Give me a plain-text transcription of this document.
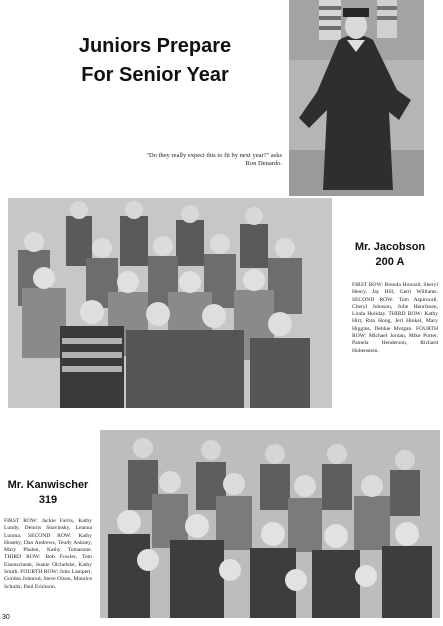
Juniors Prepare
For Senior Year
"Do they really expect this to fit by next year?" asks Ron Denardo.
Mr. Jacobson
200 A
FIRST ROW: Brenda Howard, Sheryl Henry, Jay Hill, Gerri Williams. SECOND ROW: Tom Aspinwall, Cheryl Johnson, Julie Henriksen, Linda Holiday. THIRD ROW: Kathy Hirt, Rita Hong, Jeri Hinkel, Mary Higgins, Debbie Morgan. FOURTH ROW: Michael Jordan, Mike Porter, Pamela Henderson, Richard Hohenstein.
Mr. Kanwischer
319
FIRST ROW: Jackie Farris, Kathy Lundy, Deloris Shavinsky, Leanna Luoma. SECOND ROW: Kathy Huseby, Dan Andrews, Teudy Ankney, Mary Phalen, Kathy Tomasone. THIRD ROW: Bob Fowler, Tom Eisenschenk, Jeanie Olchefske, Kathy Smith. FOURTH ROW: John Lampert, Gordon Johnrud, Steve Olson, Maurice Schultz, Paul Erickson.
30
